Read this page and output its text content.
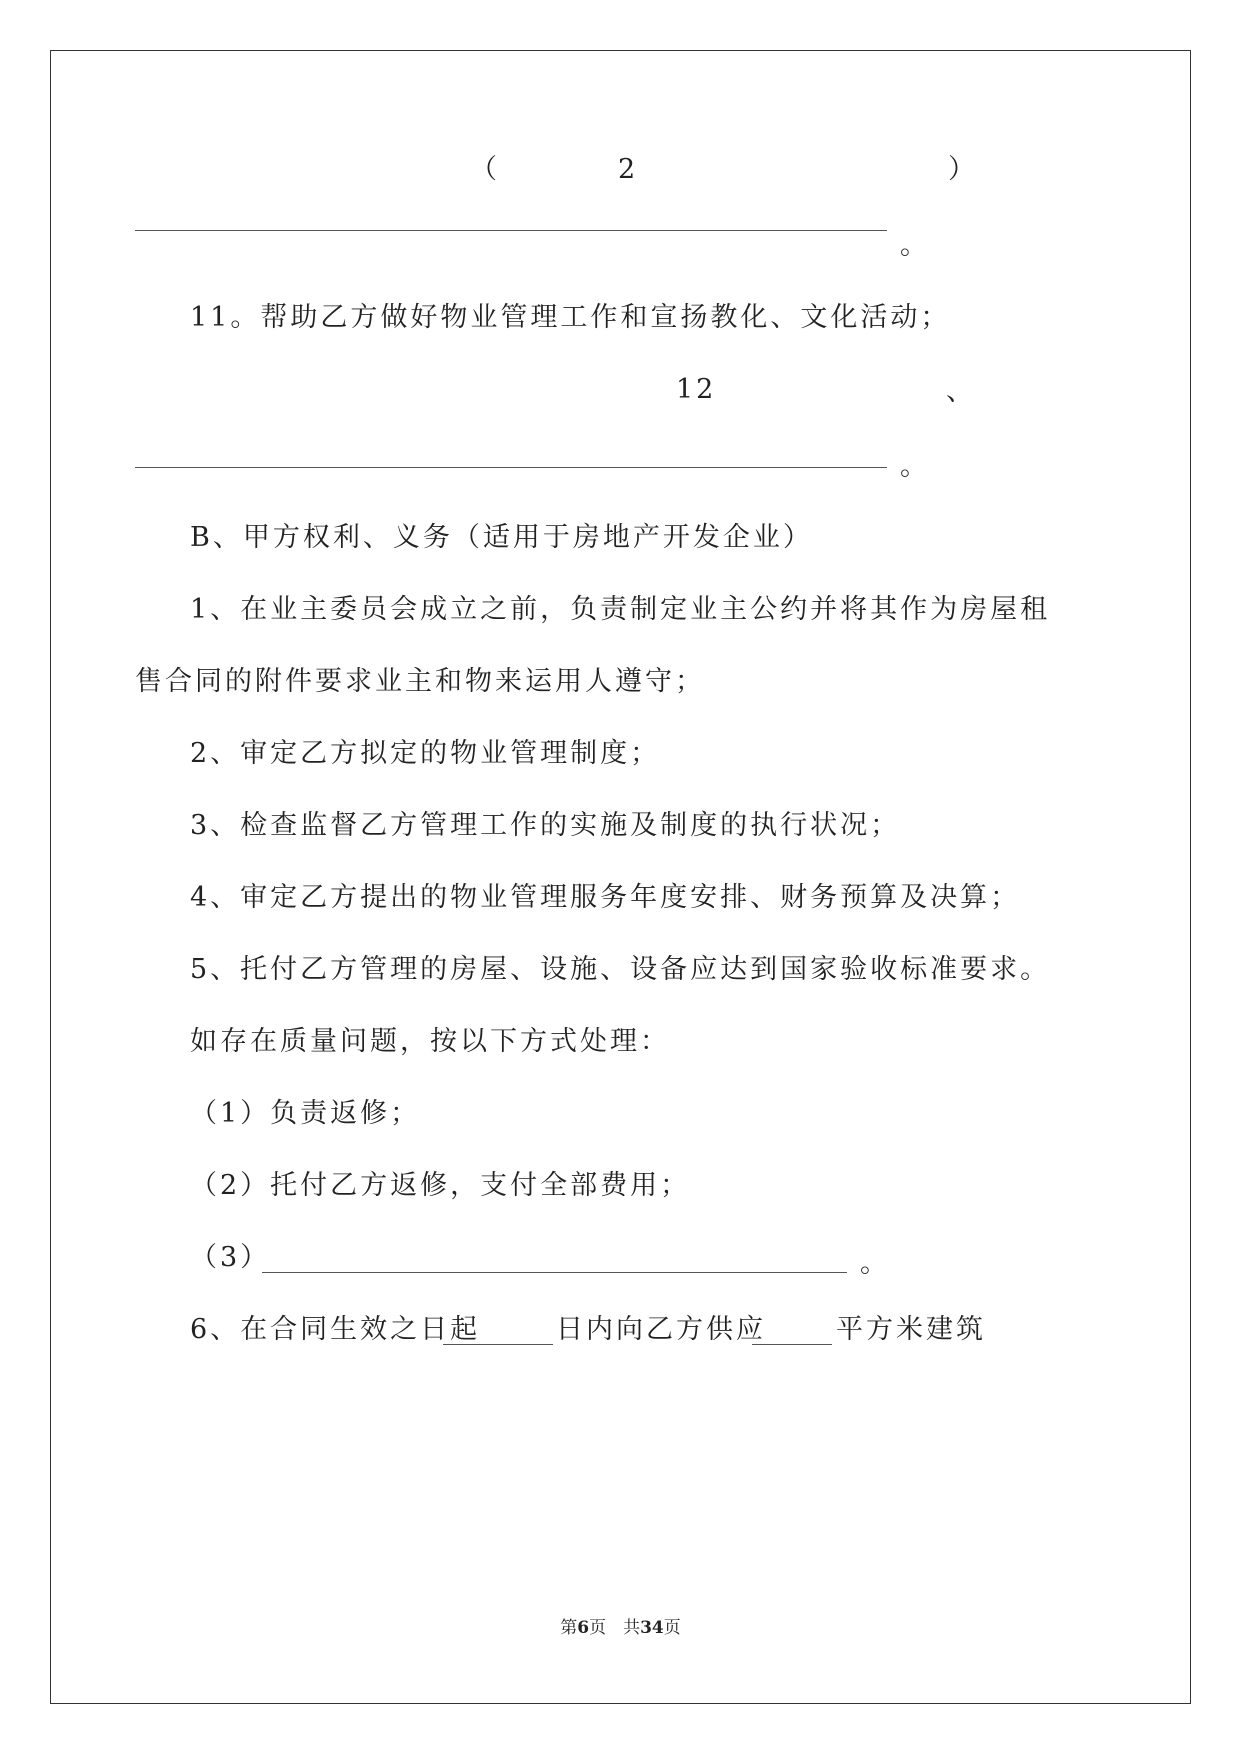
（	2	）
。
11。帮助乙方做好物业管理工作和宣扬教化、文化活动；
12	、
。
B、甲方权利、义务（适用于房地产开发企业）
1、在业主委员会成立之前，负责制定业主公约并将其作为房屋租
售合同的附件要求业主和物来运用人遵守；
2、审定乙方拟定的物业管理制度；
3、检查监督乙方管理工作的实施及制度的执行状况；
4、审定乙方提出的物业管理服务年度安排、财务预算及决算；
5、托付乙方管理的房屋、设施、设备应达到国家验收标准要求。
如存在质量问题，按以下方式处理：
（1）负责返修；
（2）托付乙方返修，支付全部费用；
（3）	。
6、在合同生效之日起	日内向乙方供应	平方米建筑
第6页　共34页
